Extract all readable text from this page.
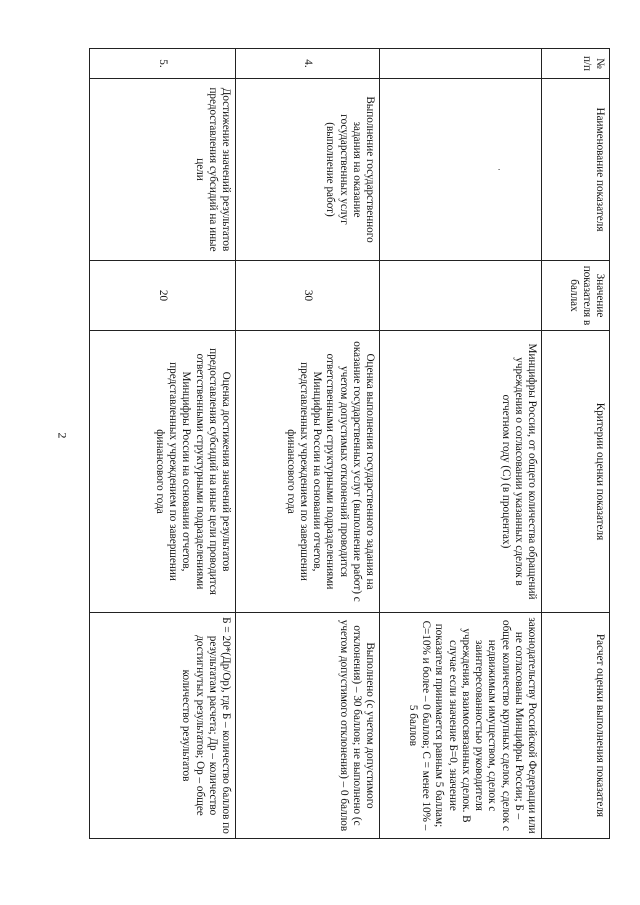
2
№ п/п	Наименование показателя	Значение показателя в баллах	Критерии оценки показателя	Расчет оценки выполнения показателя

	·		Минцифры России, от общего количества обращений учреждения о согласовании указанных сделок в отчетном году (С) (в процентах)	законодательству Российской Федерации или не согласованы Минцифры России; Б – общее количество крупных сделок, сделок с недвижимым имуществом, сделок с заинтересованностью руководителя учреждения, взаимосвязанных сделок. В случае если значение Б=0, значение показателя принимается равным 5 баллам; С=10% и более – 0 баллов; С = менее 10% – 5 баллов
4.	Выполнение государственного задания на оказание государственных услуг (выполнение работ)	30	Оценка выполнения государственного задания на оказание государственных услуг (выполнение работ) с учетом допустимых отклонений проводится ответственными структурными подразделениями Минцифры России на основании отчетов, представленных учреждением по завершении финансового года	Выполнено (с учетом допустимого отклонения) – 30 баллов; не выполнено (с учетом допустимого отклонения) – 0 баллов
5.	Достижение значений результатов предоставления субсидий на иные цели	20	Оценка достижения значений результатов предоставления субсидий на иные цели проводится ответственными структурными подразделениями Минцифры России на основании отчетов, представленных учреждением по завершении финансового года	Б = 20*(Др/Ор), где Б – количество баллов по результатам расчета; Др – количество достигнутых результатов; Ор – общее количество результатов
